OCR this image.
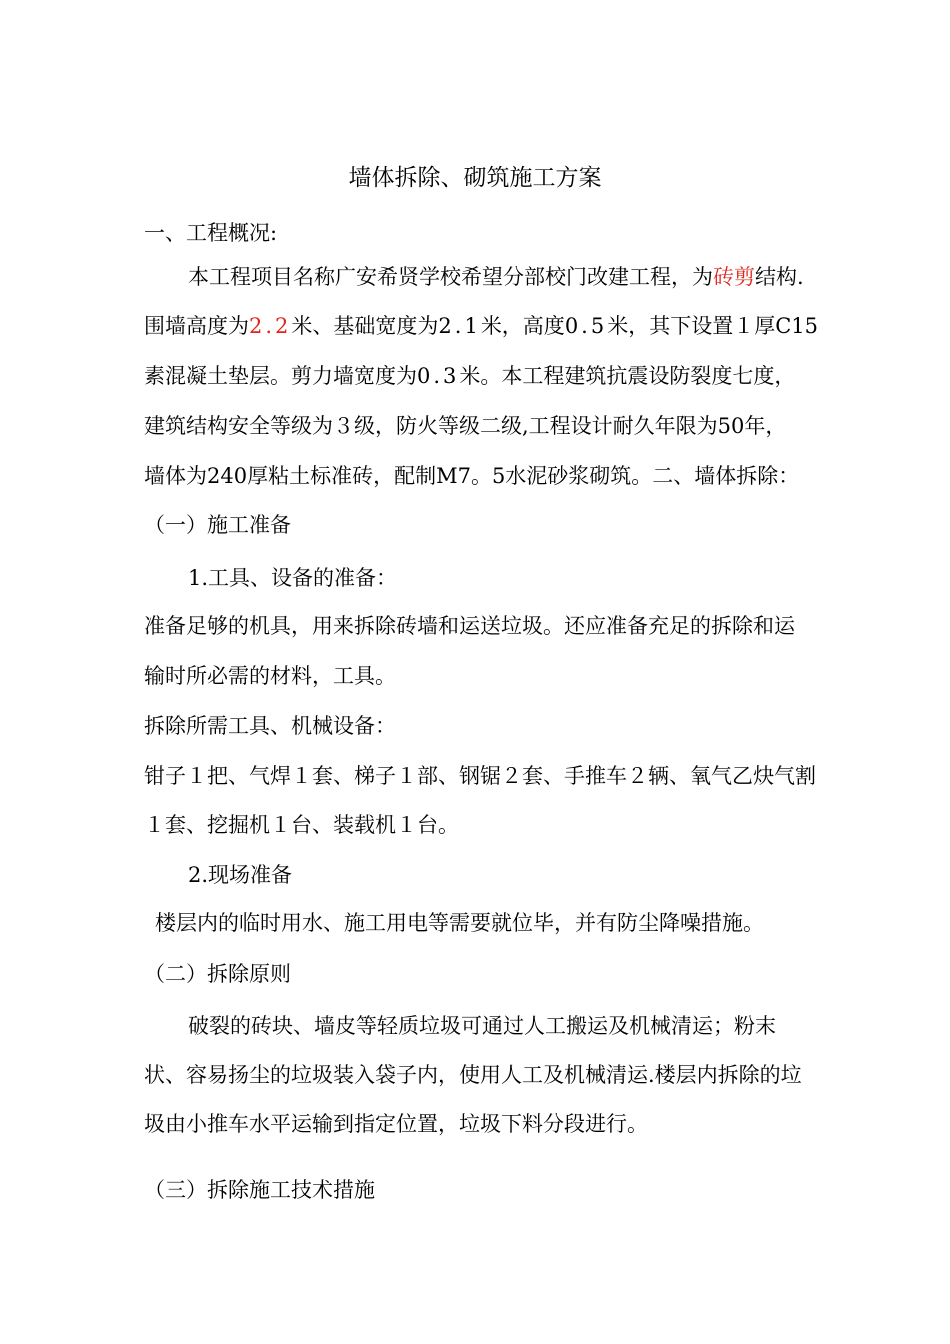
墙体拆除、砌筑施工方案
一、工程概况:
本工程项目名称广安希贤学校希望分部校门改建工程，为砖剪结构.
围墙高度为2.2米、基础宽度为2.1米，高度0.5米，其下设置１厚C15
素混凝土垫层。剪力墙宽度为0.3米。本工程建筑抗震设防裂度七度，
建筑结构安全等级为３级，防火等级二级,工程设计耐久年限为50年，
墙体为240厚粘土标准砖，配制M7。5水泥砂浆砌筑。二、墙体拆除：
（一）施工准备
1.工具、设备的准备：
准备足够的机具，用来拆除砖墙和运送垃圾。还应准备充足的拆除和运
输时所必需的材料，工具。
拆除所需工具、机械设备：
钳子１把、气焊１套、梯子１部、钢锯２套、手推车２辆、氧气乙炔气割
１套、挖掘机１台、装载机１台。
2.现场准备
楼层内的临时用水、施工用电等需要就位毕，并有防尘降噪措施。
（二）拆除原则
破裂的砖块、墙皮等轻质垃圾可通过人工搬运及机械清运；粉末
状、容易扬尘的垃圾装入袋子内，使用人工及机械清运.楼层内拆除的垃
圾由小推车水平运输到指定位置，垃圾下料分段进行。
（三）拆除施工技术措施
